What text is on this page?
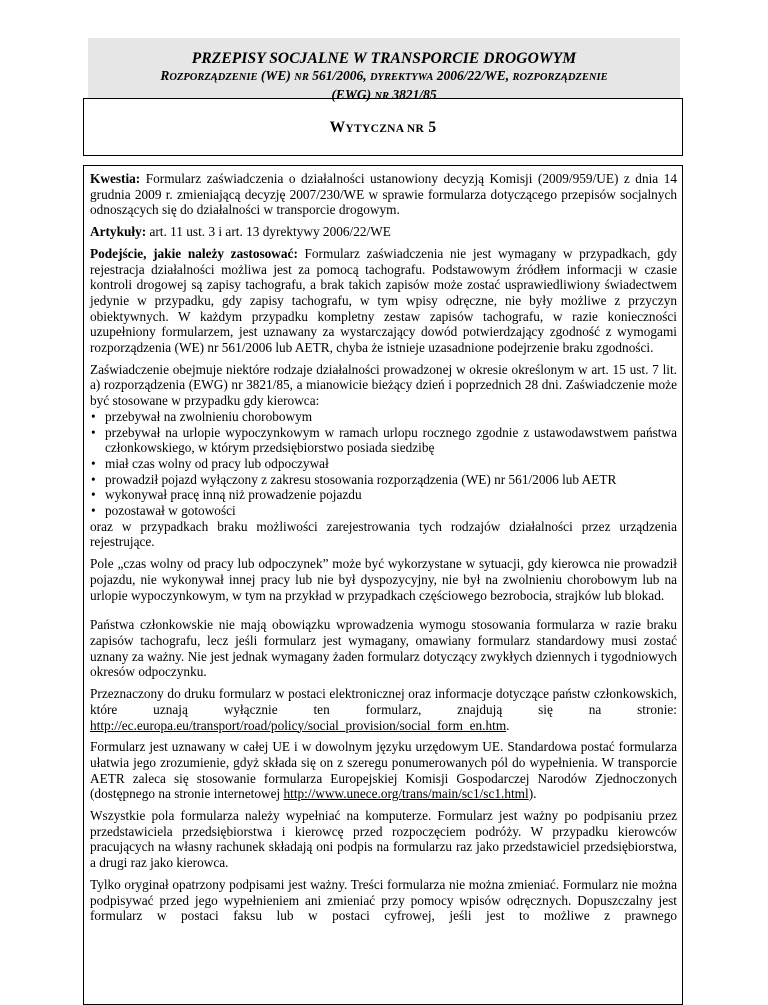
PRZEPISY SOCJALNE W TRANSPORCIE DROGOWYM
ROZPORZĄDZENIE (WE) NR 561/2006, DYREKTYWA 2006/22/WE, ROZPORZĄDZENIE
(EWG) NR 3821/85
WYTYCZNA NR 5

Kwestia: Formularz zaświadczenia o działalności ustanowiony decyzją Komisji (2009/959/UE) z dnia 14 grudnia 2009 r. zmieniającą decyzję 2007/230/WE w sprawie formularza dotyczącego przepisów socjalnych odnoszących się do działalności w transporcie drogowym.

Artykuły: art. 11 ust. 3 i art. 13 dyrektywy 2006/22/WE

Podejście, jakie należy zastosować: Formularz zaświadczenia nie jest wymagany w przypadkach, gdy rejestracja działalności możliwa jest za pomocą tachografu. Podstawowym źródłem informacji w czasie kontroli drogowej są zapisy tachografu, a brak takich zapisów może zostać usprawiedliwiony świadectwem jedynie w przypadku, gdy zapisy tachografu, w tym wpisy odręczne, nie były możliwe z przyczyn obiektywnych. W każdym przypadku kompletny zestaw zapisów tachografu, w razie konieczności uzupełniony formularzem, jest uznawany za wystarczający dowód potwierdzający zgodność z wymogami rozporządzenia (WE) nr 561/2006 lub AETR, chyba że istnieje uzasadnione podejrzenie braku zgodności.

Zaświadczenie obejmuje niektóre rodzaje działalności prowadzonej w okresie określonym w art. 15 ust. 7 lit. a) rozporządzenia (EWG) nr 3821/85, a mianowicie bieżący dzień i poprzednich 28 dni. Zaświadczenie może być stosowane w przypadku gdy kierowca:

• przebywał na zwolnieniu chorobowym
• przebywał na urlopie wypoczynkowym w ramach urlopu rocznego zgodnie z ustawodawstwem państwa członkowskiego, w którym przedsiębiorstwo posiada siedzibę
• miał czas wolny od pracy lub odpoczywał
• prowadził pojazd wyłączony z zakresu stosowania rozporządzenia (WE) nr 561/2006 lub AETR
• wykonywał pracę inną niż prowadzenie pojazdu
• pozostawał w gotowości

oraz w przypadkach braku możliwości zarejestrowania tych rodzajów działalności przez urządzenia rejestrujące.

Pole „czas wolny od pracy lub odpoczynek” może być wykorzystane w sytuacji, gdy kierowca nie prowadził pojazdu, nie wykonywał innej pracy lub nie był dyspozycyjny, nie był na zwolnieniu chorobowym lub na urlopie wypoczynkowym, w tym na przykład w przypadkach częściowego bezrobocia, strajków lub blokad.

Państwa członkowskie nie mają obowiązku wprowadzenia wymogu stosowania formularza w razie braku zapisów tachografu, lecz jeśli formularz jest wymagany, omawiany formularz standardowy musi zostać uznany za ważny. Nie jest jednak wymagany żaden formularz dotyczący zwykłych dziennych i tygodniowych okresów odpoczynku.

Przeznaczony do druku formularz w postaci elektronicznej oraz informacje dotyczące państw członkowskich, które uznają wyłącznie ten formularz, znajdują się na stronie: http://ec.europa.eu/transport/road/policy/social_provision/social_form_en.htm.

Formularz jest uznawany w całej UE i w dowolnym języku urzędowym UE. Standardowa postać formularza ułatwia jego zrozumienie, gdyż składa się on z szeregu ponumerowanych pól do wypełnienia. W transporcie AETR zaleca się stosowanie formularza Europejskiej Komisji Gospodarczej Narodów Zjednoczonych (dostępnego na stronie internetowej http://www.unece.org/trans/main/sc1/sc1.html).

Wszystkie pola formularza należy wypełniać na komputerze. Formularz jest ważny po podpisaniu przez przedstawiciela przedsiębiorstwa i kierowcę przed rozpoczęciem podróży. W przypadku kierowców pracujących na własny rachunek składają oni podpis na formularzu raz jako przedstawiciel przedsiębiorstwa, a drugi raz jako kierowca.

Tylko oryginał opatrzony podpisami jest ważny. Treści formularza nie można zmieniać. Formularz nie można podpisywać przed jego wypełnieniem ani zmieniać przy pomocy wpisów odręcznych. Dopuszczalny jest formularz w postaci faksu lub w postaci cyfrowej, jeśli jest to możliwe z prawnego
